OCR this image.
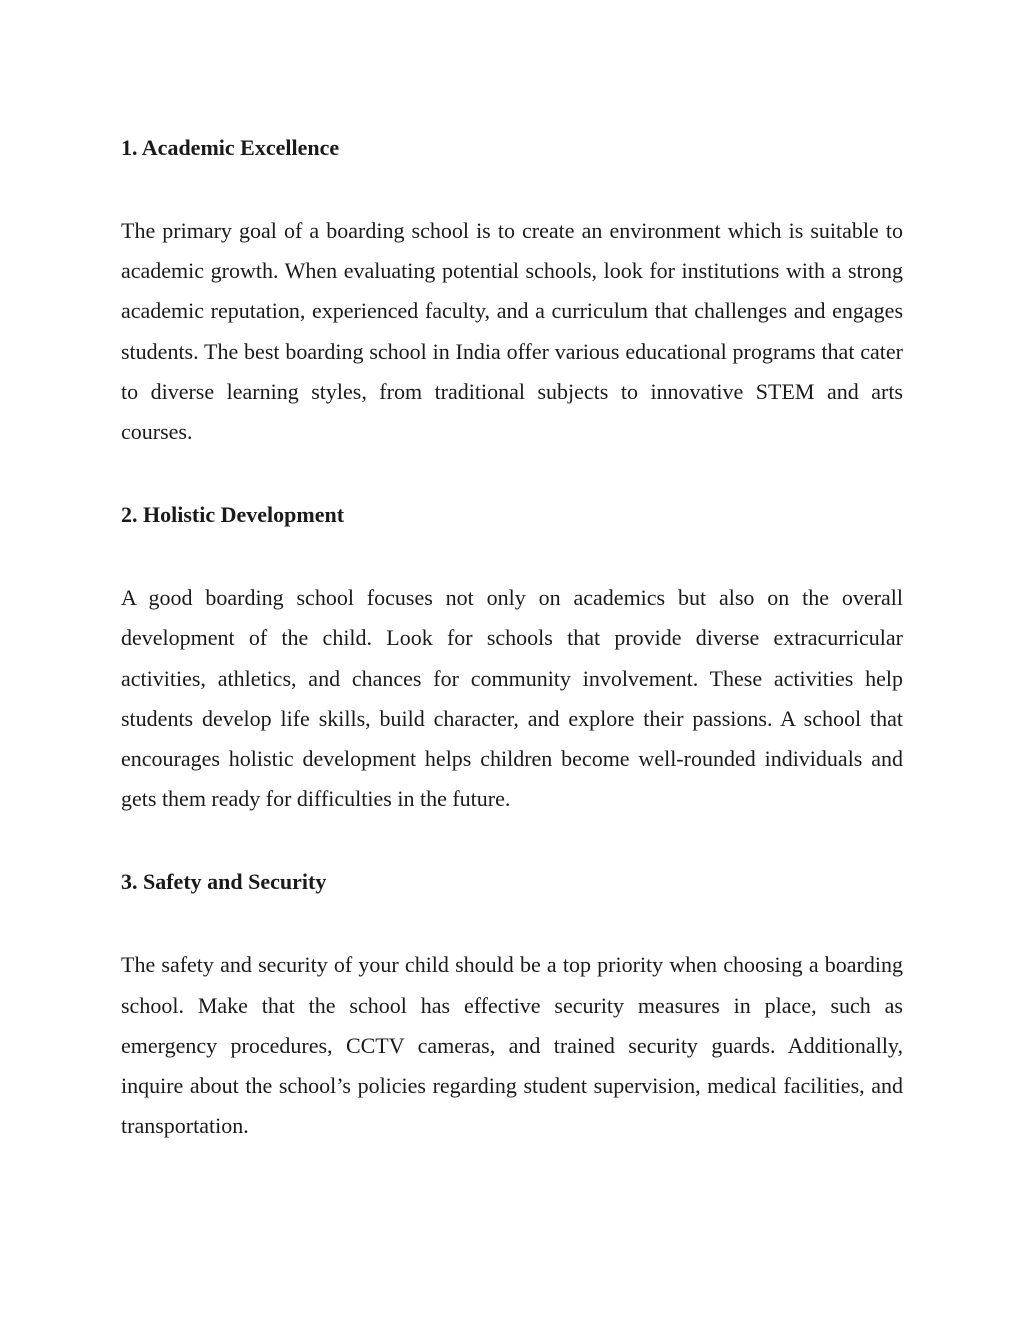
1. Academic Excellence

The primary goal of a boarding school is to create an environment which is suitable to academic growth. When evaluating potential schools, look for institutions with a strong academic reputation, experienced faculty, and a curriculum that challenges and engages students. The best boarding school in India offer various educational programs that cater to diverse learning styles, from traditional subjects to innovative STEM and arts courses.

2. Holistic Development

A good boarding school focuses not only on academics but also on the overall development of the child. Look for schools that provide diverse extracurricular activities, athletics, and chances for community involvement. These activities help students develop life skills, build character, and explore their passions. A school that encourages holistic development helps children become well-rounded individuals and gets them ready for difficulties in the future.

3. Safety and Security

The safety and security of your child should be a top priority when choosing a boarding school. Make that the school has effective security measures in place, such as emergency procedures, CCTV cameras, and trained security guards. Additionally, inquire about the school’s policies regarding student supervision, medical facilities, and transportation.
